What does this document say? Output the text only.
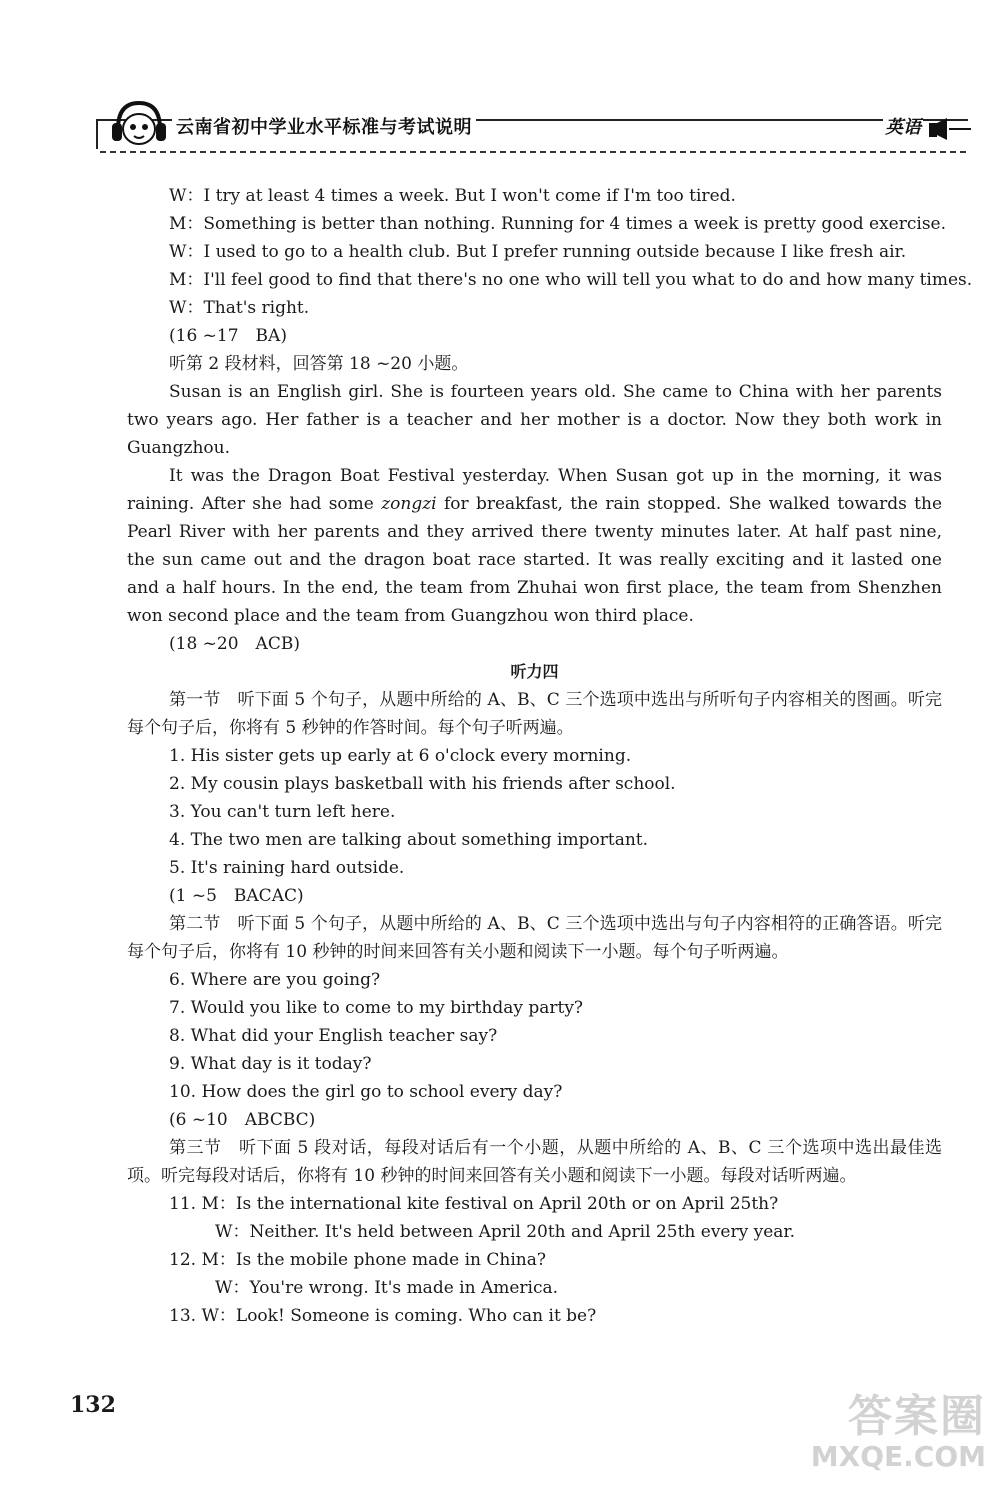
云南省初中学业水平标准与考试说明	英语
W：I try at least 4 times a week. But I won't come if I'm too tired.
M：Something is better than nothing. Running for 4 times a week is pretty good exercise.
W：I used to go to a health club. But I prefer running outside because I like fresh air.
M：I'll feel good to find that there's no one who will tell you what to do and how many times.
W：That's right.
(16 ~17　BA)
听第 2 段材料，回答第 18 ~20 小题。
Susan is an English girl. She is fourteen years old. She came to China with her parents two years ago. Her father is a teacher and her mother is a doctor. Now they both work in Guangzhou.
It was the Dragon Boat Festival yesterday. When Susan got up in the morning, it was raining. After she had some zongzi for breakfast, the rain stopped. She walked towards the Pearl River with her parents and they arrived there twenty minutes later. At half past nine, the sun came out and the dragon boat race started. It was really exciting and it lasted one and a half hours. In the end, the team from Zhuhai won first place, the team from Shenzhen won second place and the team from Guangzhou won third place.
(18 ~20　ACB)
听力四
第一节　听下面 5 个句子，从题中所给的 A、B、C 三个选项中选出与所听句子内容相关的图画。听完每个句子后，你将有 5 秒钟的作答时间。每个句子听两遍。
1. His sister gets up early at 6 o'clock every morning.
2. My cousin plays basketball with his friends after school.
3. You can't turn left here.
4. The two men are talking about something important.
5. It's raining hard outside.
(1 ~5　BACAC)
第二节　听下面 5 个句子，从题中所给的 A、B、C 三个选项中选出与句子内容相符的正确答语。听完每个句子后，你将有 10 秒钟的时间来回答有关小题和阅读下一小题。每个句子听两遍。
6. Where are you going?
7. Would you like to come to my birthday party?
8. What did your English teacher say?
9. What day is it today?
10. How does the girl go to school every day?
(6 ~10　ABCBC)
第三节　听下面 5 段对话，每段对话后有一个小题，从题中所给的 A、B、C 三个选项中选出最佳选项。听完每段对话后，你将有 10 秒钟的时间来回答有关小题和阅读下一小题。每段对话听两遍。
11. M：Is the international kite festival on April 20th or on April 25th?
W：Neither. It's held between April 20th and April 25th every year.
12. M：Is the mobile phone made in China?
W：You're wrong. It's made in America.
13. W：Look! Someone is coming. Who can it be?
132	答案圈
MXQE.COM
